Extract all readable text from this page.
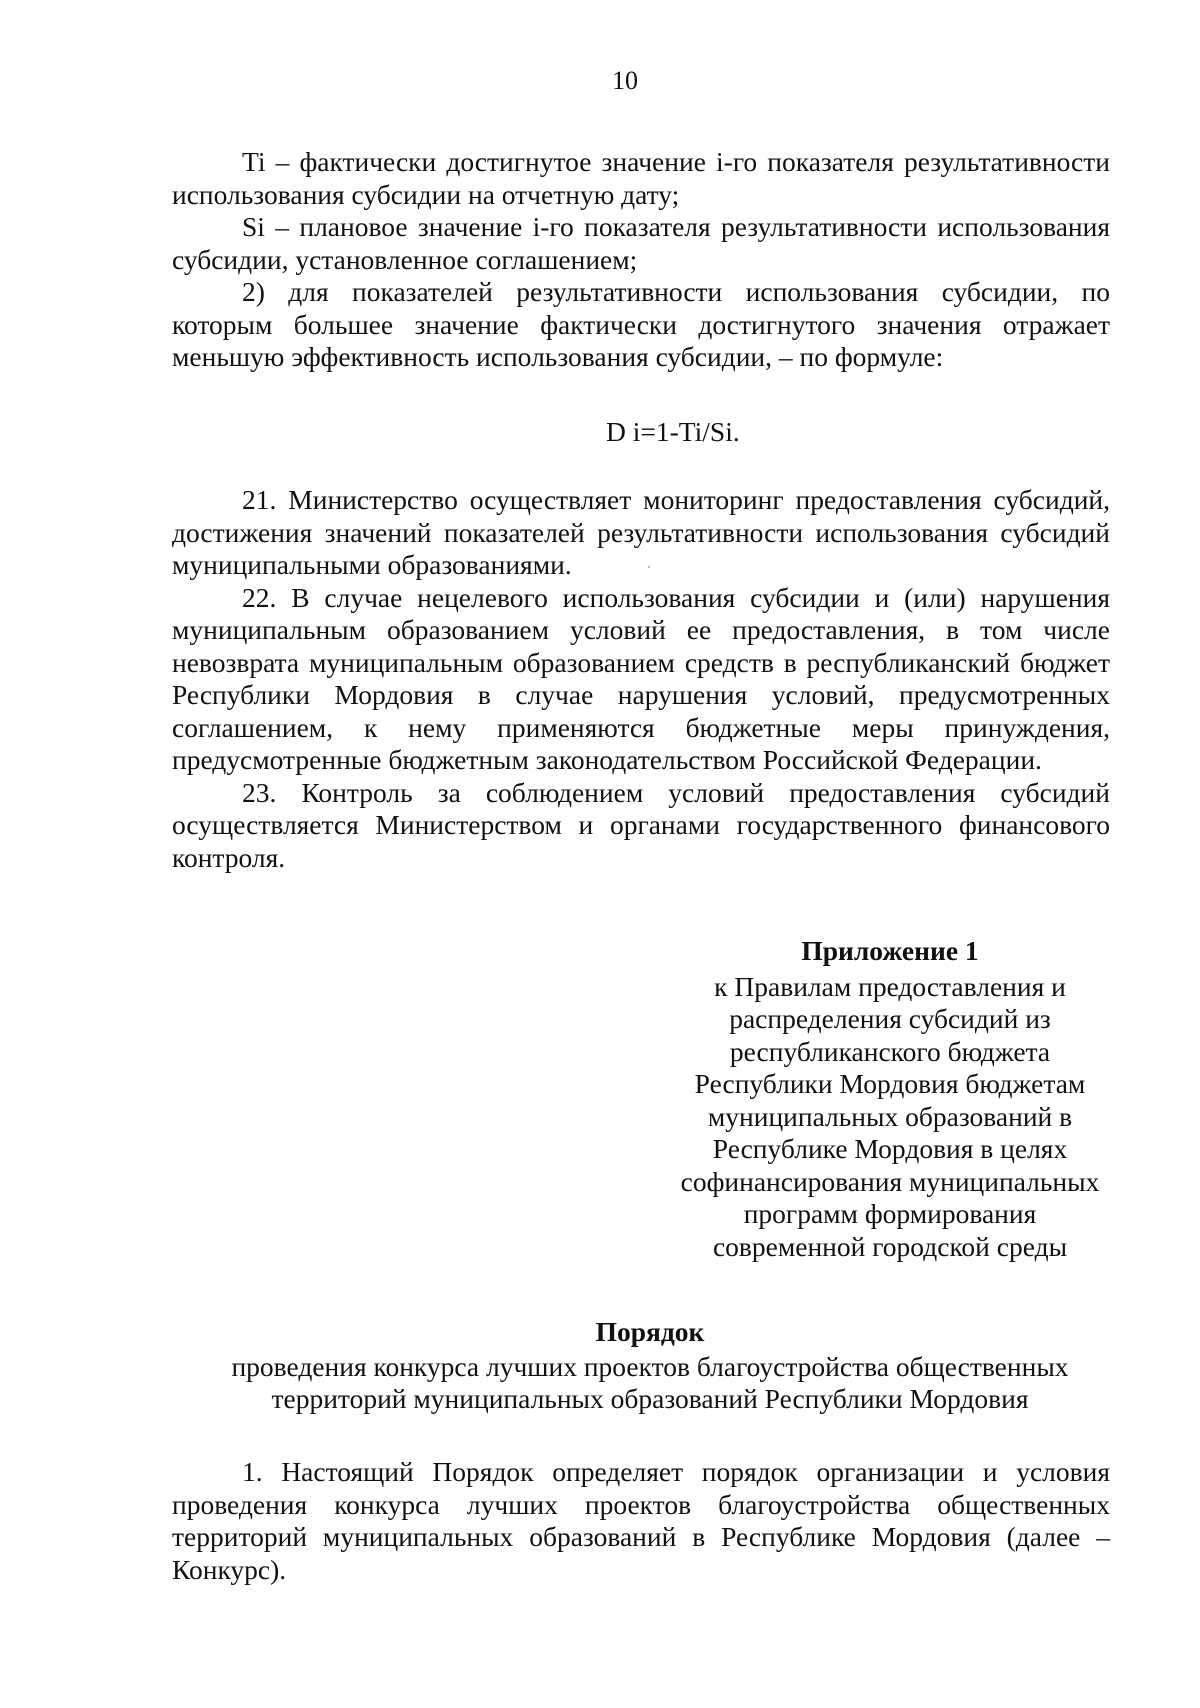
10

Ti – фактически достигнутое значение i-го показателя результативности использования субсидии на отчетную дату;

Si – плановое значение i-го показателя результативности использования субсидии, установленное соглашением;

2) для показателей результативности использования субсидии, по которым большее значение фактически достигнутого значения отражает меньшую эффективность использования субсидии, – по формуле:

D i=1-Ti/Si.

21. Министерство осуществляет мониторинг предоставления субсидий, достижения значений показателей результативности использования субсидий муниципальными образованиями.

22. В случае нецелевого использования субсидии и (или) нарушения муниципальным образованием условий ее предоставления, в том числе невозврата муниципальным образованием средств в республиканский бюджет Республики Мордовия в случае нарушения условий, предусмотренных соглашением, к нему применяются бюджетные меры принуждения, предусмотренные бюджетным законодательством Российской Федерации.

23. Контроль за соблюдением условий предоставления субсидий осуществляется Министерством и органами государственного финансового контроля.

Приложение 1
к Правилам предоставления и
распределения субсидий из
республиканского бюджета
Республики Мордовия бюджетам
муниципальных образований в
Республике Мордовия в целях
софинансирования муниципальных
программ формирования
современной городской среды
Порядок
проведения конкурса лучших проектов благоустройства общественных
территорий муниципальных образований Республики Мордовия

1. Настоящий Порядок определяет порядок организации и условия проведения конкурса лучших проектов благоустройства общественных территорий муниципальных образований в Республике Мордовия (далее – Конкурс).
